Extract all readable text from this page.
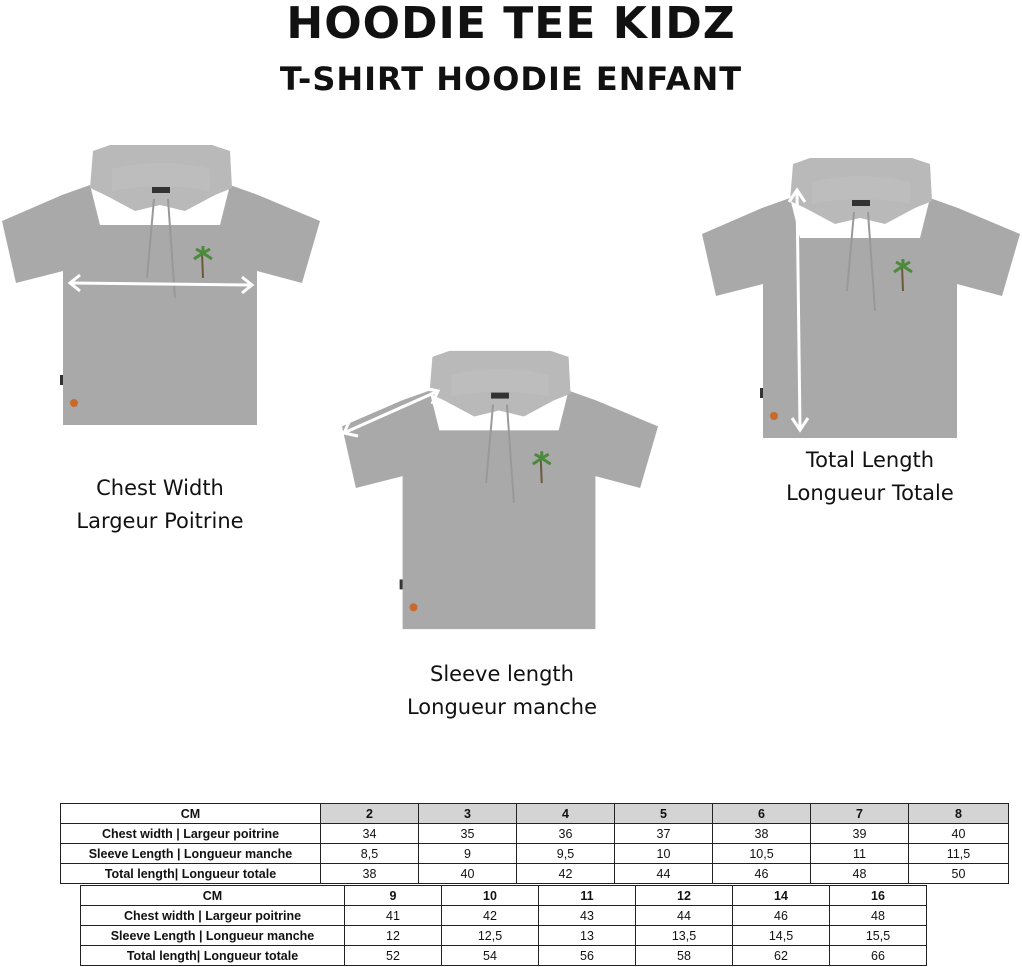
HOODIE TEE KIDZ
T-SHIRT HOODIE ENFANT
Chest Width
Largeur Poitrine
Sleeve length
Longueur manche
Total Length
Longueur Totale
CM	2	3	4	5	6	7	8
Chest width | Largeur poitrine	34	35	36	37	38	39	40
Sleeve Length | Longueur manche	8,5	9	9,5	10	10,5	11	11,5
Total length| Longueur totale	38	40	42	44	46	48	50
CM	9	10	11	12	14	16
Chest width | Largeur poitrine	41	42	43	44	46	48
Sleeve Length | Longueur manche	12	12,5	13	13,5	14,5	15,5
Total length| Longueur totale	52	54	56	58	62	66
